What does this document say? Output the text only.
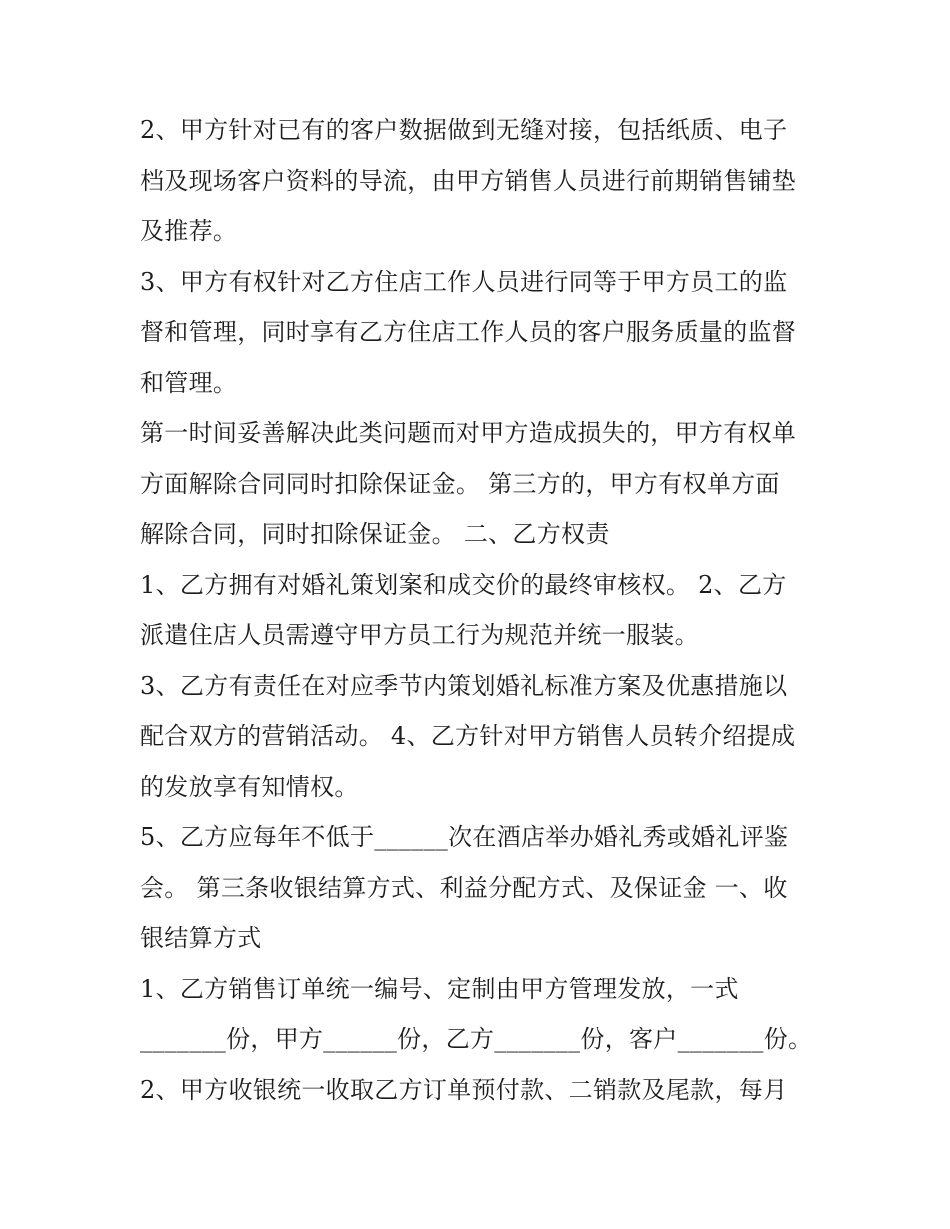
2、甲方针对已有的客户数据做到无缝对接，包括纸质、电子
档及现场客户资料的导流，由甲方销售人员进行前期销售铺垫
及推荐。
3、甲方有权针对乙方住店工作人员进行同等于甲方员工的监
督和管理，同时享有乙方住店工作人员的客户服务质量的监督
和管理。
第一时间妥善解决此类问题而对甲方造成损失的，甲方有权单
方面解除合同同时扣除保证金。 第三方的，甲方有权单方面
解除合同，同时扣除保证金。 二、乙方权责
1、乙方拥有对婚礼策划案和成交价的最终审核权。 2、乙方
派遣住店人员需遵守甲方员工行为规范并统一服装。
3、乙方有责任在对应季节内策划婚礼标准方案及优惠措施以
配合双方的营销活动。 4、乙方针对甲方销售人员转介绍提成
的发放享有知情权。
5、乙方应每年不低于______次在酒店举办婚礼秀或婚礼评鉴
会。 第三条收银结算方式、利益分配方式、及保证金 一、收
银结算方式
1、乙方销售订单统一编号、定制由甲方管理发放，一式
_______份，甲方______份，乙方_______份，客户_______份。
2、甲方收银统一收取乙方订单预付款、二销款及尾款，每月
